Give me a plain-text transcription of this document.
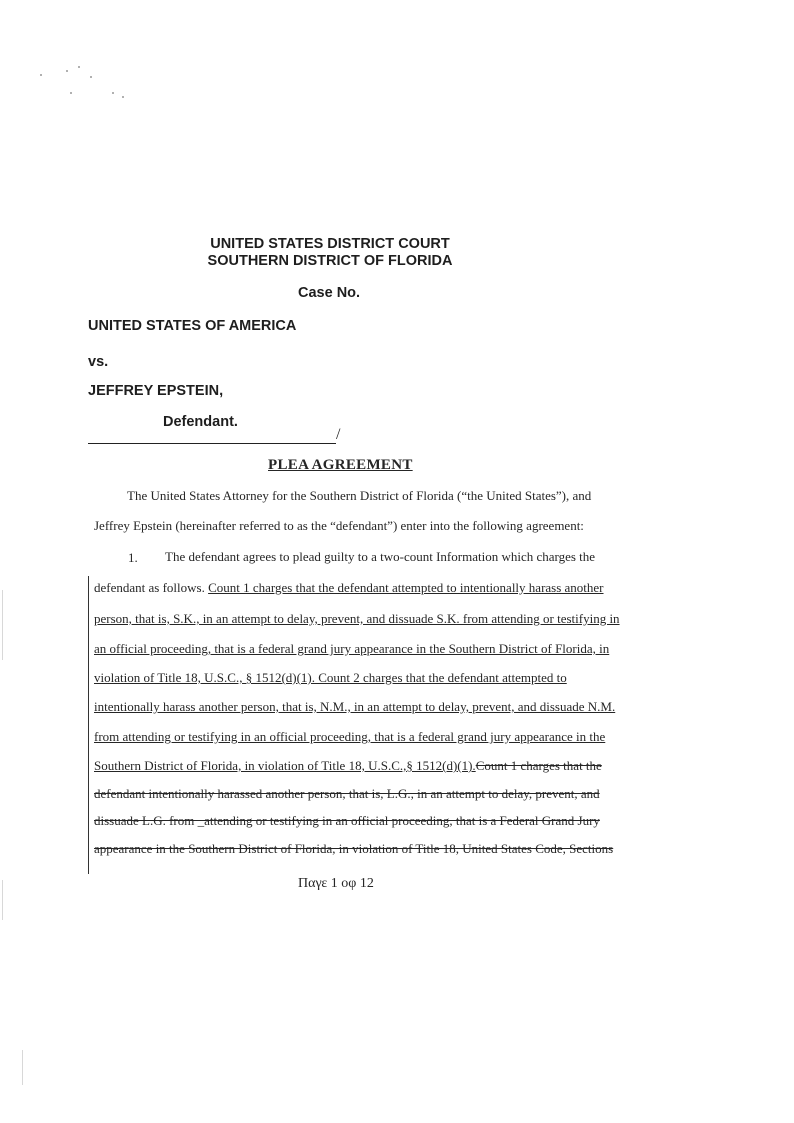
UNITED STATES DISTRICT COURT
SOUTHERN DISTRICT OF FLORIDA
Case No.
UNITED STATES OF AMERICA
vs.
JEFFREY EPSTEIN,
Defendant.
/
PLEA AGREEMENT
The United States Attorney for the Southern District of Florida (“the United States”), and
Jeffrey Epstein (hereinafter referred to as the “defendant”) enter into the following agreement:
1. The defendant agrees to plead guilty to a two-count Information which charges the
defendant as follows. Count 1 charges that the defendant attempted to intentionally harass another
person, that is, S.K., in an attempt to delay, prevent, and dissuade S.K. from attending or testifying in
an official proceeding, that is a federal grand jury appearance in the Southern District of Florida, in
violation of Title 18, U.S.C., § 1512(d)(1). Count 2 charges that the defendant attempted to
intentionally harass another person, that is, N.M., in an attempt to delay, prevent, and dissuade N.M.
from attending or testifying in an official proceeding, that is a federal grand jury appearance in the
Southern District of Florida, in violation of Title 18, U.S.C.,§ 1512(d)(1).Count 1 charges that the
defendant intentionally harassed another person, that is, L.G., in an attempt to delay, prevent, and
dissuade L.G. from _attending or testifying in an official proceeding, that is a Federal Grand Jury
appearance in the Southern District of Florida, in violation of Title 18, United States Code, Sections
Παγε 1 οφ 12
